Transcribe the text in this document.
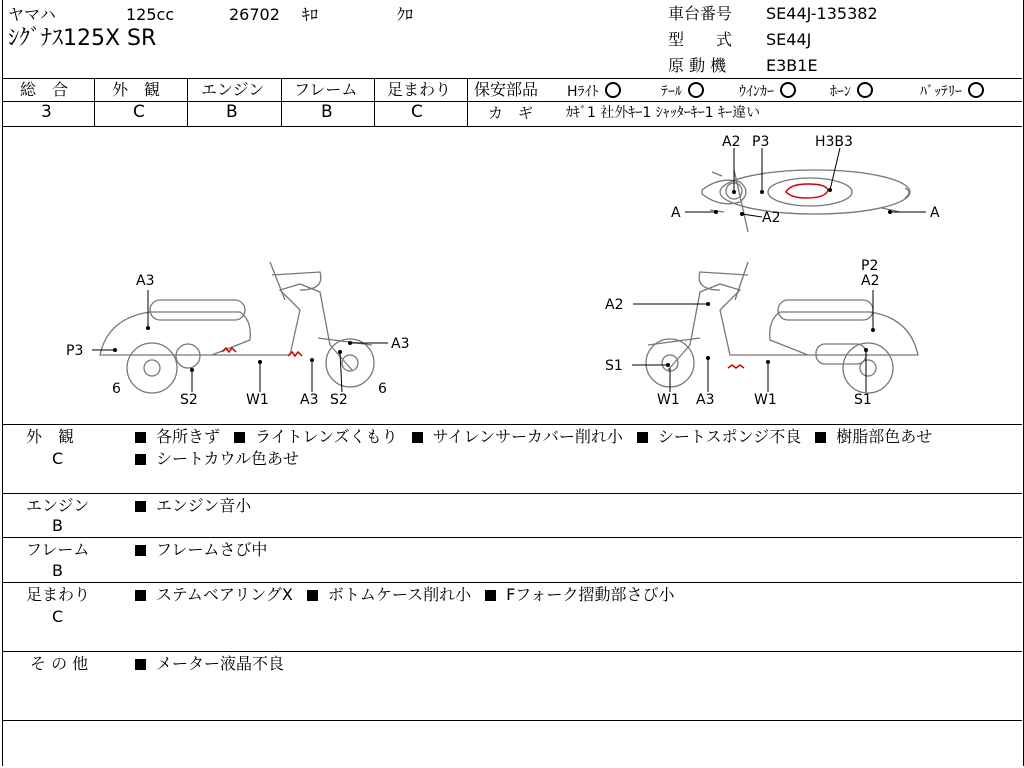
ヤマハ	125cc	26702 ｷﾛ	ｸﾛ
ｼｸﾞﾅｽ125X SR
車台番号 SE44J-135382
型　　式 SE44J
原 動 機 E3B1E
総　合	外　観	エンジン フレーム 足まわり
3	C	B	B	C
保安部品 Hﾗｲﾄ	ﾃｰﾙ	ｳｲﾝｶｰ	ﾎｰﾝ	ﾊﾞｯﾃﾘｰ
カ　ギ ｶｷﾞ1 社外ｷｰ1 ｼｬｯﾀｰｷｰ1 ｷｰ違い
A2 P3	H3B3
A	A2	A
A3
P3
6
S2	W1 A3 S2
A3
6
P2
A2
A2
S1
W1 A3	W1	S1
外　観
C
各所きず ライトレンズくもり サイレンサーカバー削れ小 シートスポンジ不良 樹脂部色あせ
シートカウル色あせ
エンジン
B
エンジン音小
フレーム
B
フレームさび中
足まわり
C
ステムベアリングX ボトムケース削れ小 Fフォーク摺動部さび小
そ の 他	メーター液晶不良
